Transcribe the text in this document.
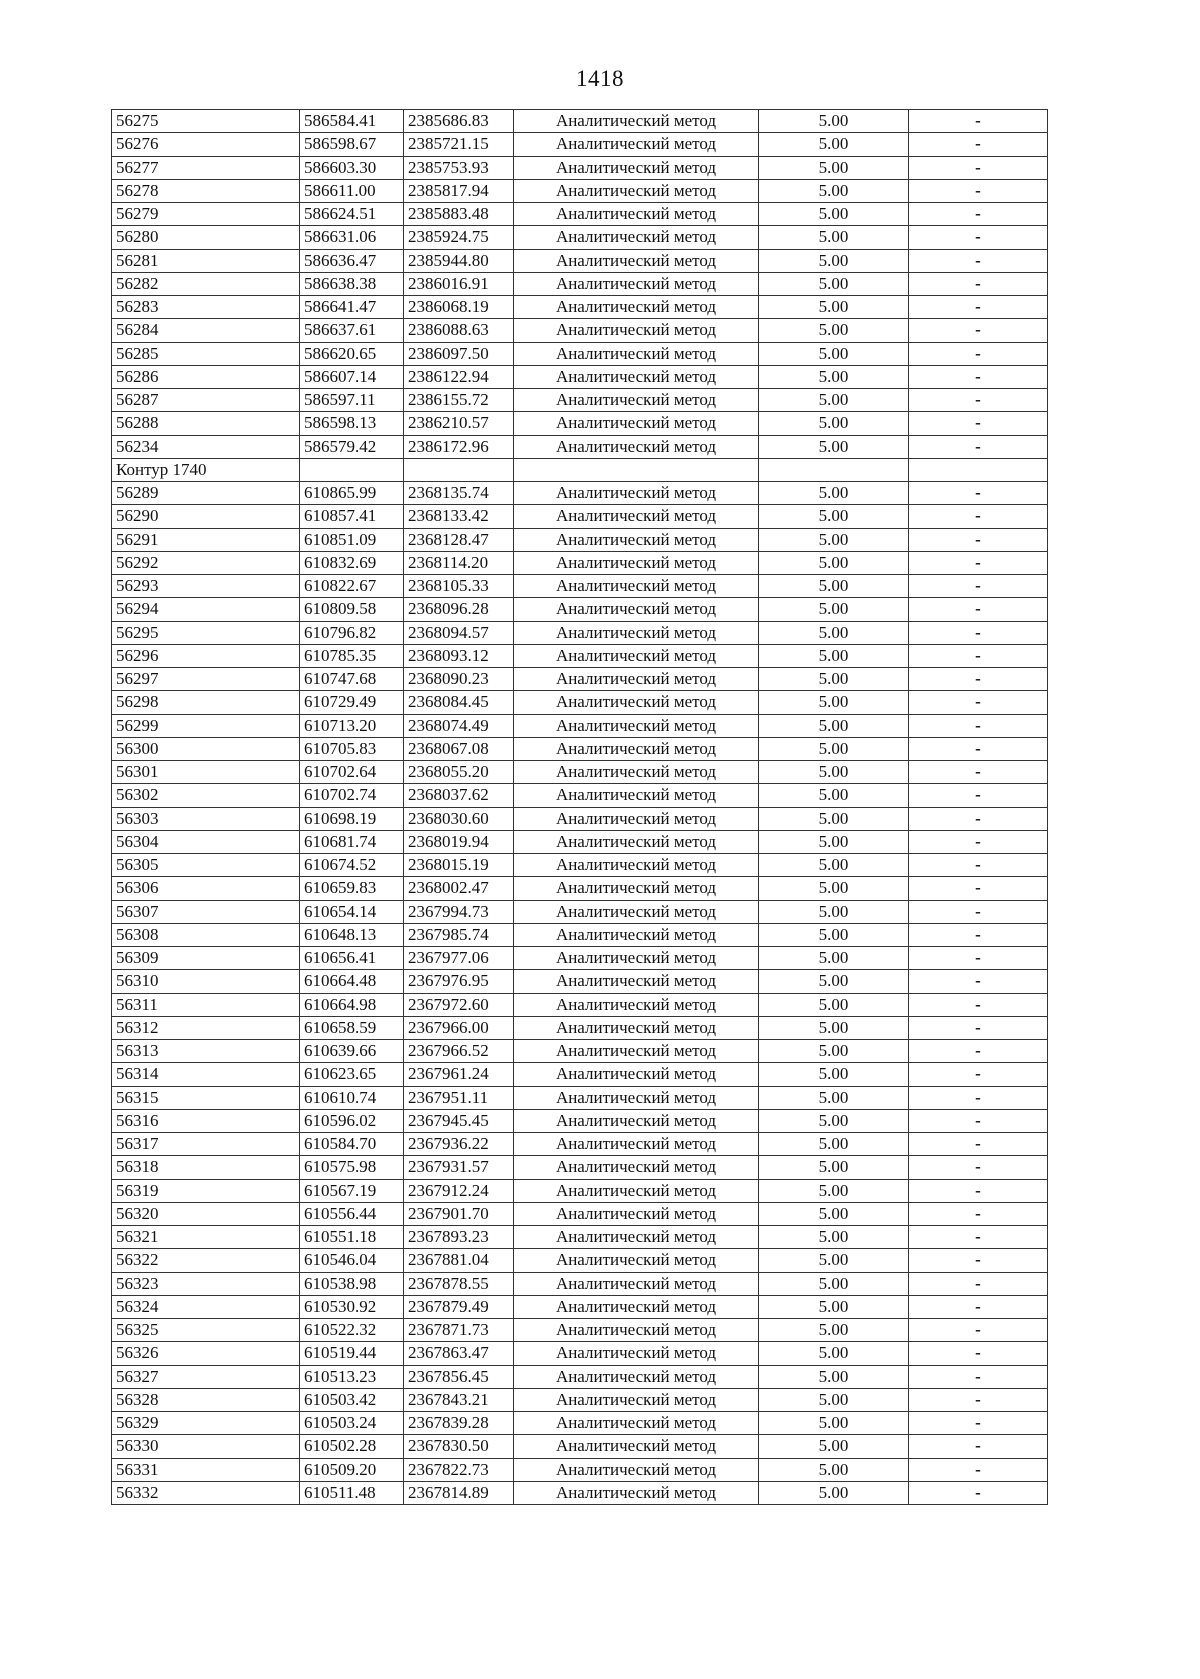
1418
56275	586584.41	2385686.83	Аналитический метод	5.00	-
56276	586598.67	2385721.15	Аналитический метод	5.00	-
56277	586603.30	2385753.93	Аналитический метод	5.00	-
56278	586611.00	2385817.94	Аналитический метод	5.00	-
56279	586624.51	2385883.48	Аналитический метод	5.00	-
56280	586631.06	2385924.75	Аналитический метод	5.00	-
56281	586636.47	2385944.80	Аналитический метод	5.00	-
56282	586638.38	2386016.91	Аналитический метод	5.00	-
56283	586641.47	2386068.19	Аналитический метод	5.00	-
56284	586637.61	2386088.63	Аналитический метод	5.00	-
56285	586620.65	2386097.50	Аналитический метод	5.00	-
56286	586607.14	2386122.94	Аналитический метод	5.00	-
56287	586597.11	2386155.72	Аналитический метод	5.00	-
56288	586598.13	2386210.57	Аналитический метод	5.00	-
56234	586579.42	2386172.96	Аналитический метод	5.00	-
Контур 1740					
56289	610865.99	2368135.74	Аналитический метод	5.00	-
56290	610857.41	2368133.42	Аналитический метод	5.00	-
56291	610851.09	2368128.47	Аналитический метод	5.00	-
56292	610832.69	2368114.20	Аналитический метод	5.00	-
56293	610822.67	2368105.33	Аналитический метод	5.00	-
56294	610809.58	2368096.28	Аналитический метод	5.00	-
56295	610796.82	2368094.57	Аналитический метод	5.00	-
56296	610785.35	2368093.12	Аналитический метод	5.00	-
56297	610747.68	2368090.23	Аналитический метод	5.00	-
56298	610729.49	2368084.45	Аналитический метод	5.00	-
56299	610713.20	2368074.49	Аналитический метод	5.00	-
56300	610705.83	2368067.08	Аналитический метод	5.00	-
56301	610702.64	2368055.20	Аналитический метод	5.00	-
56302	610702.74	2368037.62	Аналитический метод	5.00	-
56303	610698.19	2368030.60	Аналитический метод	5.00	-
56304	610681.74	2368019.94	Аналитический метод	5.00	-
56305	610674.52	2368015.19	Аналитический метод	5.00	-
56306	610659.83	2368002.47	Аналитический метод	5.00	-
56307	610654.14	2367994.73	Аналитический метод	5.00	-
56308	610648.13	2367985.74	Аналитический метод	5.00	-
56309	610656.41	2367977.06	Аналитический метод	5.00	-
56310	610664.48	2367976.95	Аналитический метод	5.00	-
56311	610664.98	2367972.60	Аналитический метод	5.00	-
56312	610658.59	2367966.00	Аналитический метод	5.00	-
56313	610639.66	2367966.52	Аналитический метод	5.00	-
56314	610623.65	2367961.24	Аналитический метод	5.00	-
56315	610610.74	2367951.11	Аналитический метод	5.00	-
56316	610596.02	2367945.45	Аналитический метод	5.00	-
56317	610584.70	2367936.22	Аналитический метод	5.00	-
56318	610575.98	2367931.57	Аналитический метод	5.00	-
56319	610567.19	2367912.24	Аналитический метод	5.00	-
56320	610556.44	2367901.70	Аналитический метод	5.00	-
56321	610551.18	2367893.23	Аналитический метод	5.00	-
56322	610546.04	2367881.04	Аналитический метод	5.00	-
56323	610538.98	2367878.55	Аналитический метод	5.00	-
56324	610530.92	2367879.49	Аналитический метод	5.00	-
56325	610522.32	2367871.73	Аналитический метод	5.00	-
56326	610519.44	2367863.47	Аналитический метод	5.00	-
56327	610513.23	2367856.45	Аналитический метод	5.00	-
56328	610503.42	2367843.21	Аналитический метод	5.00	-
56329	610503.24	2367839.28	Аналитический метод	5.00	-
56330	610502.28	2367830.50	Аналитический метод	5.00	-
56331	610509.20	2367822.73	Аналитический метод	5.00	-
56332	610511.48	2367814.89	Аналитический метод	5.00	-
